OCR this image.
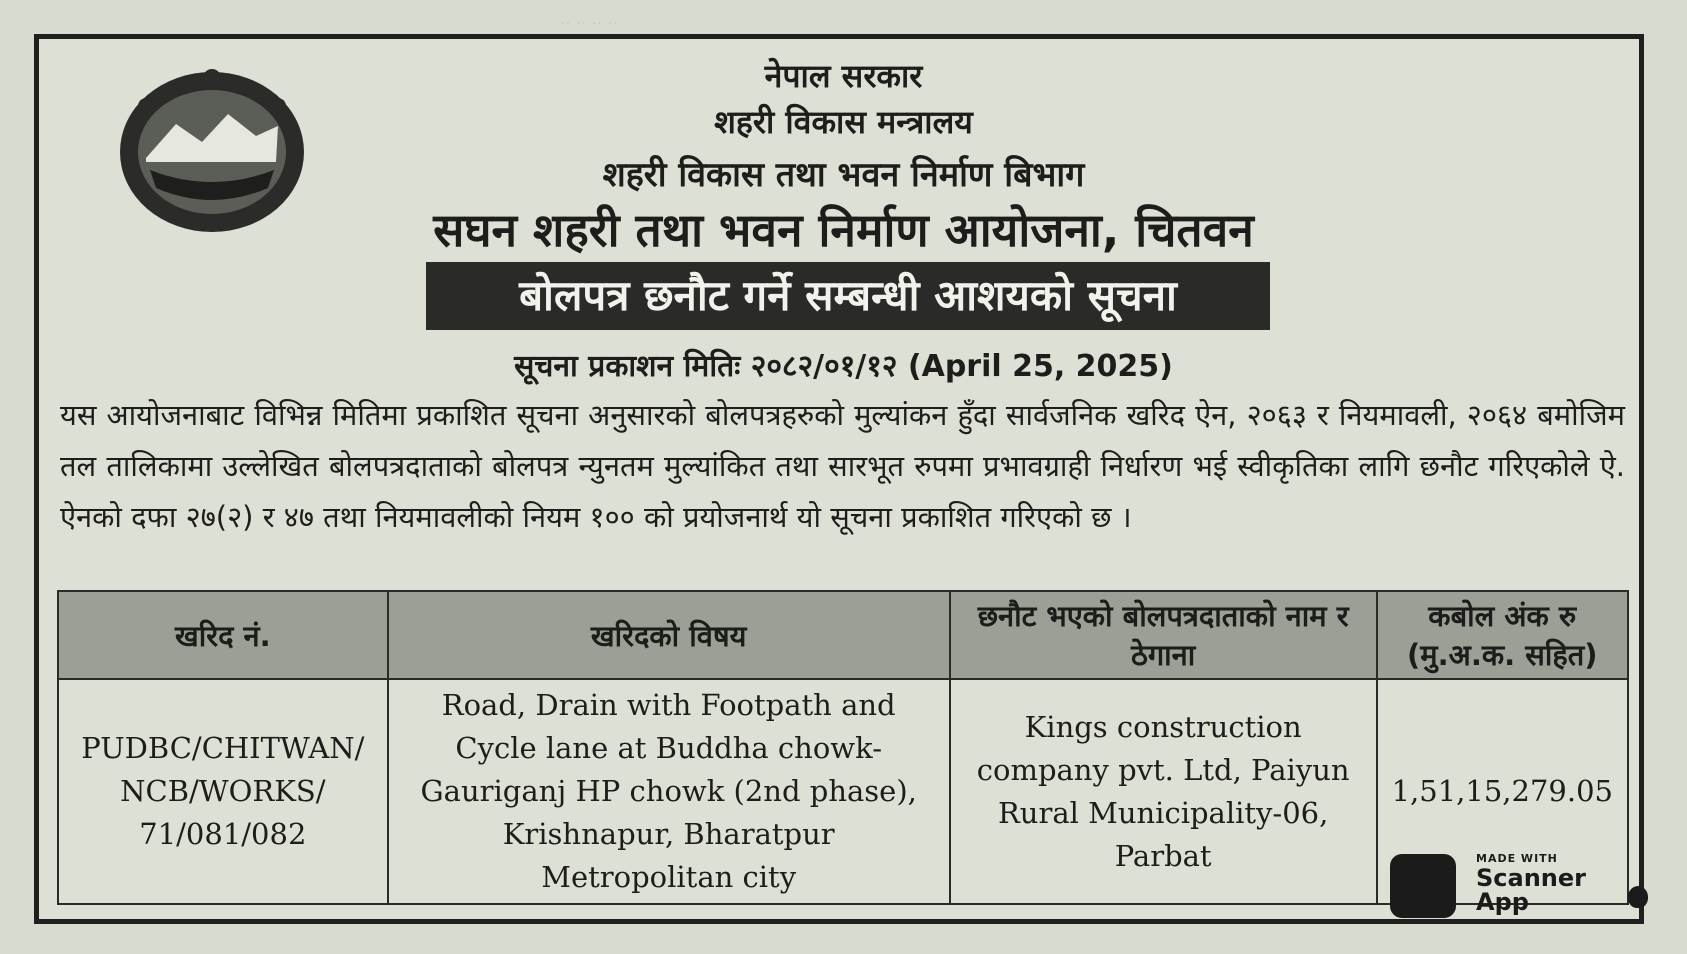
‥ ‥ ‥ ‥
नेपाल सरकार
शहरी विकास मन्त्रालय
शहरी विकास तथा भवन निर्माण बिभाग
सघन शहरी तथा भवन निर्माण आयोजना, चितवन
बोलपत्र छनौट गर्ने सम्बन्धी आशयको सूचना
सूचना प्रकाशन मितिः २०८२/०१/१२ (April 25, 2025)
यस आयोजनाबाट विभिन्न मितिमा प्रकाशित सूचना अनुसारको बोलपत्रहरुको मुल्यांकन हुँदा सार्वजनिक खरिद ऐन, २०६३ र नियमावली, २०६४ बमोजिम तल तालिकामा उल्लेखित बोलपत्रदाताको बोलपत्र न्युनतम मुल्यांकित तथा सारभूत रुपमा प्रभावग्राही निर्धारण भई स्वीकृतिका लागि छनौट गरिएकोले ऐ. ऐनको दफा २७(२) र ४७ तथा नियमावलीको नियम १०० को प्रयोजनार्थ यो सूचना प्रकाशित गरिएको छ ।
खरिद नं.	खरिदको विषय	छनौट भएको बोलपत्रदाताको नाम र ठेगाना	कबोल अंक रु (मु.अ.क. सहित)
PUDBC/CHITWAN/ NCB/WORKS/ 71/081/082	Road, Drain with Footpath and Cycle lane at Buddha chowk- Gauriganj HP chowk (2nd phase), Krishnapur, Bharatpur Metropolitan city	Kings construction company pvt. Ltd, Paiyun Rural Municipality-06, Parbat	1,51,15,279.05
MADE WITH
Scanner App
